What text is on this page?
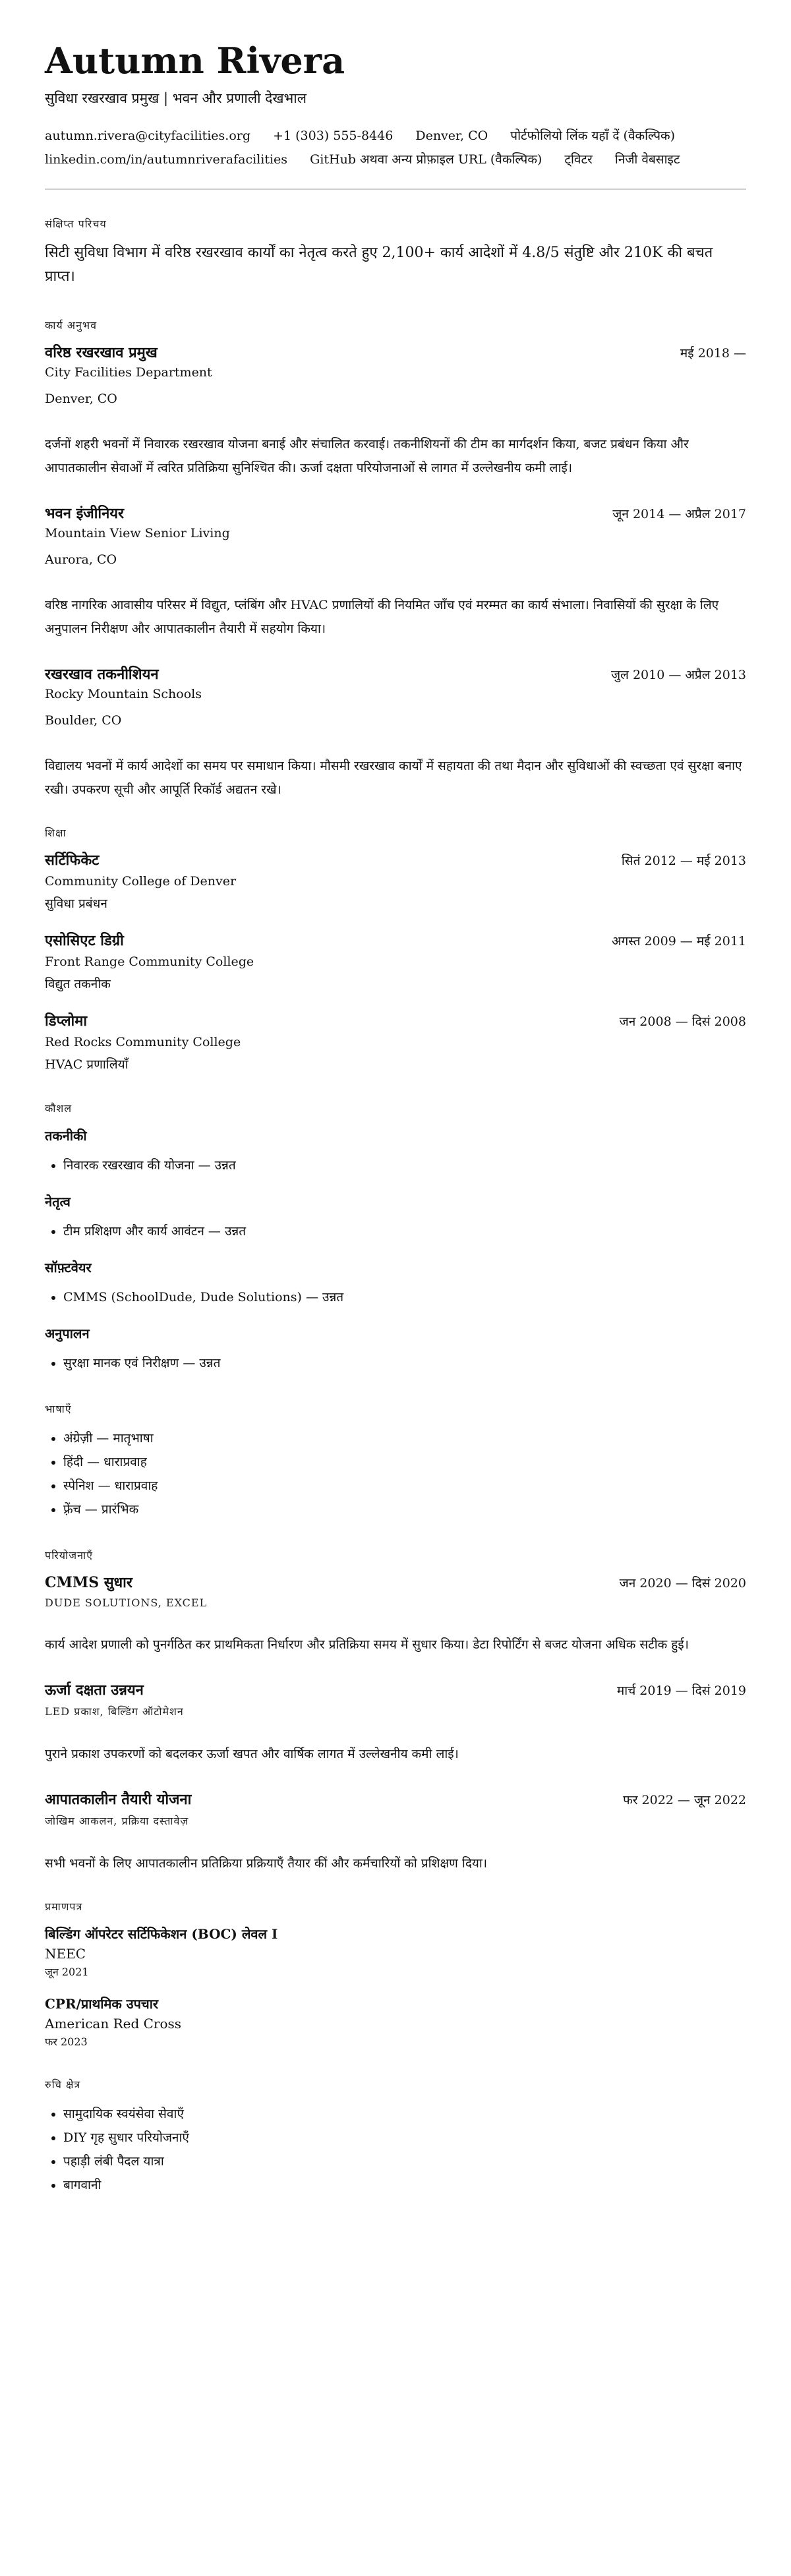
Autumn Rivera
सुविधा रखरखाव प्रमुख | भवन और प्रणाली देखभाल
autumn.rivera@cityfacilities.org +1 (303) 555-8446 Denver, CO पोर्टफोलियो लिंक यहाँ दें (वैकल्पिक)
linkedin.com/in/autumnriverafacilities GitHub अथवा अन्य प्रोफ़ाइल URL (वैकल्पिक) ट्विटर निजी वेबसाइट
संक्षिप्त परिचय
सिटी सुविधा विभाग में वरिष्ठ रखरखाव कार्यों का नेतृत्व करते हुए 2,100+ कार्य आदेशों में 4.8/5 संतुष्टि और 210K की बचत प्राप्त।
कार्य अनुभव
वरिष्ठ रखरखाव प्रमुख	मई 2018 —
City Facilities Department
Denver, CO
दर्जनों शहरी भवनों में निवारक रखरखाव योजना बनाई और संचालित करवाई। तकनीशियनों की टीम का मार्गदर्शन किया, बजट प्रबंधन किया और आपातकालीन सेवाओं में त्वरित प्रतिक्रिया सुनिश्चित की। ऊर्जा दक्षता परियोजनाओं से लागत में उल्लेखनीय कमी लाई।
भवन इंजीनियर	जून 2014 — अप्रैल 2017
Mountain View Senior Living
Aurora, CO
वरिष्ठ नागरिक आवासीय परिसर में विद्युत, प्लंबिंग और HVAC प्रणालियों की नियमित जाँच एवं मरम्मत का कार्य संभाला। निवासियों की सुरक्षा के लिए अनुपालन निरीक्षण और आपातकालीन तैयारी में सहयोग किया।
रखरखाव तकनीशियन	जुल 2010 — अप्रैल 2013
Rocky Mountain Schools
Boulder, CO
विद्यालय भवनों में कार्य आदेशों का समय पर समाधान किया। मौसमी रखरखाव कार्यों में सहायता की तथा मैदान और सुविधाओं की स्वच्छता एवं सुरक्षा बनाए रखी। उपकरण सूची और आपूर्ति रिकॉर्ड अद्यतन रखे।
शिक्षा
सर्टिफिकेट	सितं 2012 — मई 2013
Community College of Denver
सुविधा प्रबंधन
एसोसिएट डिग्री	अगस्त 2009 — मई 2011
Front Range Community College
विद्युत तकनीक
डिप्लोमा	जन 2008 — दिसं 2008
Red Rocks Community College
HVAC प्रणालियाँ
कौशल
तकनीकी
• निवारक रखरखाव की योजना — उन्नत
नेतृत्व
• टीम प्रशिक्षण और कार्य आवंटन — उन्नत
सॉफ़्टवेयर
• CMMS (SchoolDude, Dude Solutions) — उन्नत
अनुपालन
• सुरक्षा मानक एवं निरीक्षण — उन्नत
भाषाएँ
• अंग्रेज़ी — मातृभाषा
• हिंदी — धाराप्रवाह
• स्पेनिश — धाराप्रवाह
• फ़्रेंच — प्रारंभिक
परियोजनाएँ
CMMS सुधार	जन 2020 — दिसं 2020
DUDE SOLUTIONS, EXCEL
कार्य आदेश प्रणाली को पुनर्गठित कर प्राथमिकता निर्धारण और प्रतिक्रिया समय में सुधार किया। डेटा रिपोर्टिंग से बजट योजना अधिक सटीक हुई।
ऊर्जा दक्षता उन्नयन	मार्च 2019 — दिसं 2019
LED प्रकाश, बिल्डिंग ऑटोमेशन
पुराने प्रकाश उपकरणों को बदलकर ऊर्जा खपत और वार्षिक लागत में उल्लेखनीय कमी लाई।
आपातकालीन तैयारी योजना	फर 2022 — जून 2022
जोखिम आकलन, प्रक्रिया दस्तावेज़
सभी भवनों के लिए आपातकालीन प्रतिक्रिया प्रक्रियाएँ तैयार कीं और कर्मचारियों को प्रशिक्षण दिया।
प्रमाणपत्र
बिल्डिंग ऑपरेटर सर्टिफिकेशन (BOC) लेवल I
NEEC
जून 2021
CPR/प्राथमिक उपचार
American Red Cross
फर 2023
रुचि क्षेत्र
• सामुदायिक स्वयंसेवा सेवाएँ
• DIY गृह सुधार परियोजनाएँ
• पहाड़ी लंबी पैदल यात्रा
• बागवानी
